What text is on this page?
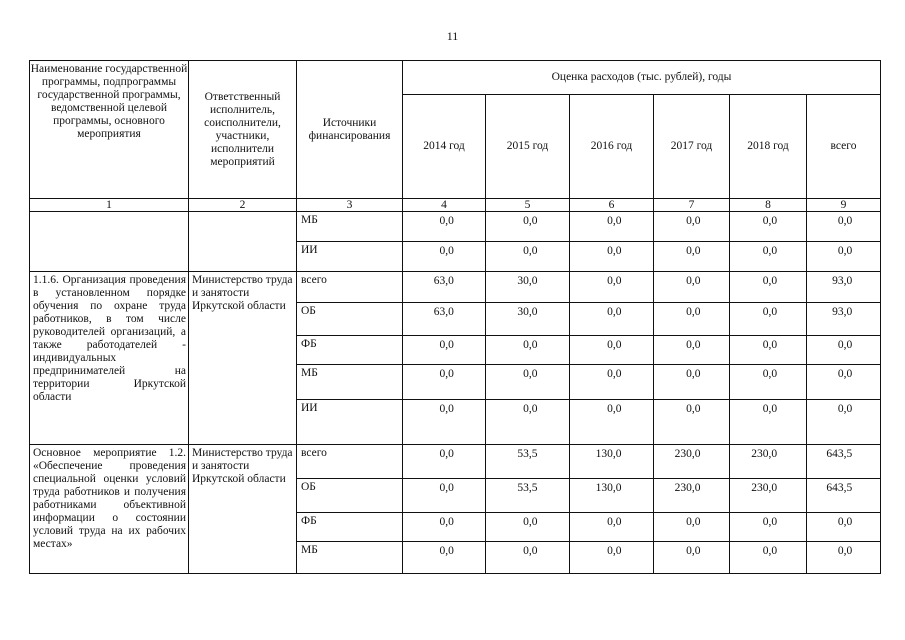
11
Наименование государственной программы, подпрограммы государственной программы, ведомственной целевой программы, основного мероприятия	Ответственный исполнитель, соисполнители, участники, исполнители мероприятий	Источники финансирования	Оценка расходов (тыс. рублей), годы					

			2014 год	2015 год	2016 год	2017 год	2018 год	всего
1	2	3	4	5	6	7	8	9
		МБ	0,0	0,0	0,0	0,0	0,0	0,0

		ИИ	0,0	0,0	0,0	0,0	0,0	0,0

1.1.6. Организация проведения в установленном порядке обучения по охране труда работников, в том числе руководителей организаций, а также работодателей - индивидуальных предпринимателей на территории Иркутской области	Министерство труда и занятости Иркутской области	всего	63,0	30,0	0,0	0,0	0,0	93,0

		ОБ	63,0	30,0	0,0	0,0	0,0	93,0

		ФБ	0,0	0,0	0,0	0,0	0,0	0,0

		МБ	0,0	0,0	0,0	0,0	0,0	0,0

		ИИ	0,0	0,0	0,0	0,0	0,0	0,0

Основное мероприятие 1.2. «Обеспечение проведения специальной оценки условий труда работников и получения работниками объективной информации о состоянии условий труда на их рабочих местах»	Министерство труда и занятости Иркутской области	всего	0,0	53,5	130,0	230,0	230,0	643,5

		ОБ	0,0	53,5	130,0	230,0	230,0	643,5

		ФБ	0,0	0,0	0,0	0,0	0,0	0,0

		МБ	0,0	0,0	0,0	0,0	0,0	0,0
